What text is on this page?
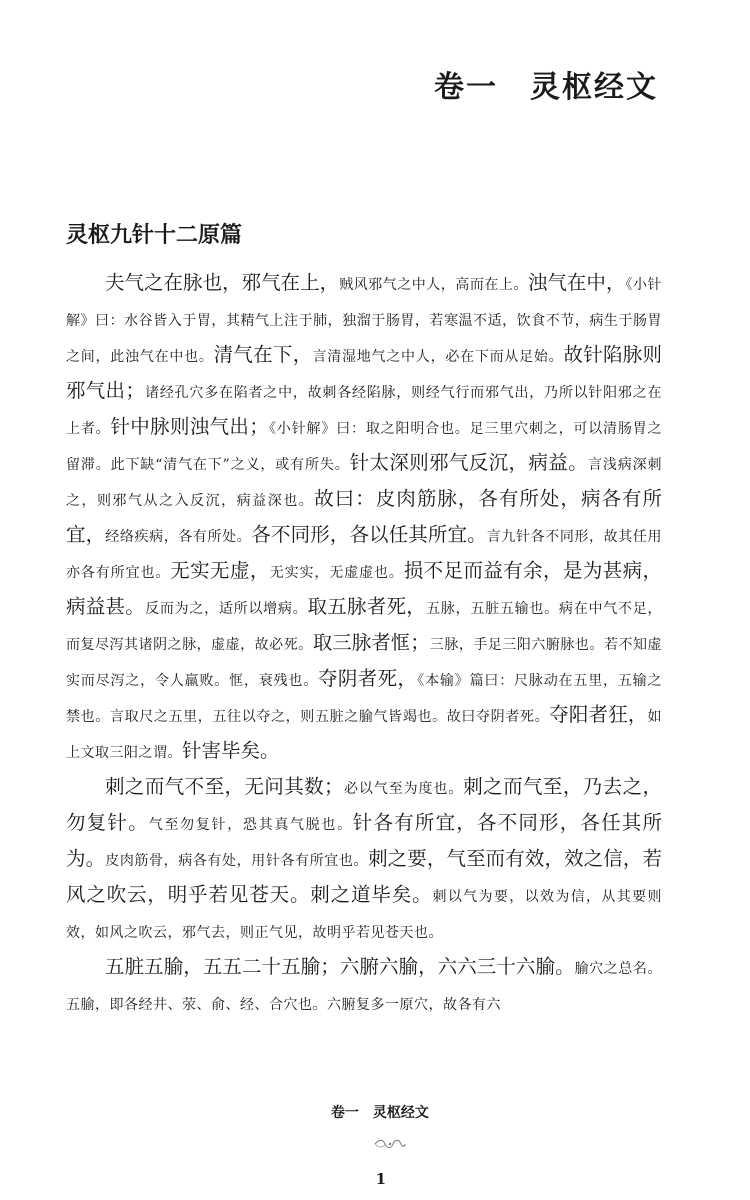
卷一　灵枢经文
灵枢九针十二原篇

夫气之在脉也，邪气在上，贼风邪气之中人，高而在上。浊气在中，《小针解》曰：水谷皆入于胃，其精气上注于肺，独溜于肠胃，若寒温不适，饮食不节，病生于肠胃之间，此浊气在中也。清气在下，言清湿地气之中人，必在下而从足始。故针陷脉则邪气出；诸经孔穴多在陷者之中，故刺各经陷脉，则经气行而邪气出，乃所以针阳邪之在上者。针中脉则浊气出；《小针解》曰：取之阳明合也。足三里穴刺之，可以清肠胃之留滞。此下缺“清气在下”之义，或有所失。针太深则邪气反沉，病益。言浅病深刺之，则邪气从之入反沉，病益深也。故曰：皮肉筋脉，各有所处，病各有所宜，经络疾病，各有所处。各不同形，各以任其所宜。言九针各不同形，故其任用亦各有所宜也。无实无虚，无实实，无虚虚也。损不足而益有余，是为甚病，病益甚。反而为之，适所以增病。取五脉者死，五脉，五脏五输也。病在中气不足，而复尽泻其诸阴之脉，虚虚，故必死。取三脉者恇；三脉，手足三阳六腑脉也。若不知虚实而尽泻之，令人羸败。恇，衰残也。夺阴者死，《本输》篇曰：尺脉动在五里，五输之禁也。言取尺之五里，五往以夺之，则五脏之腧气皆竭也。故曰夺阴者死。夺阳者狂，如上文取三阳之谓。针害毕矣。

刺之而气不至，无问其数；必以气至为度也。刺之而气至，乃去之，勿复针。气至勿复针，恐其真气脱也。针各有所宜，各不同形，各任其所为。皮肉筋骨，病各有处，用针各有所宜也。刺之要，气至而有效，效之信，若风之吹云，明乎若见苍天。刺之道毕矣。刺以气为要，以效为信，从其要则效，如风之吹云，邪气去，则正气见，故明乎若见苍天也。

五脏五腧，五五二十五腧；六腑六腧，六六三十六腧。腧穴之总名。五腧，即各经井、荥、俞、经、合穴也。六腑复多一原穴，故各有六

卷一　灵枢经文

1
